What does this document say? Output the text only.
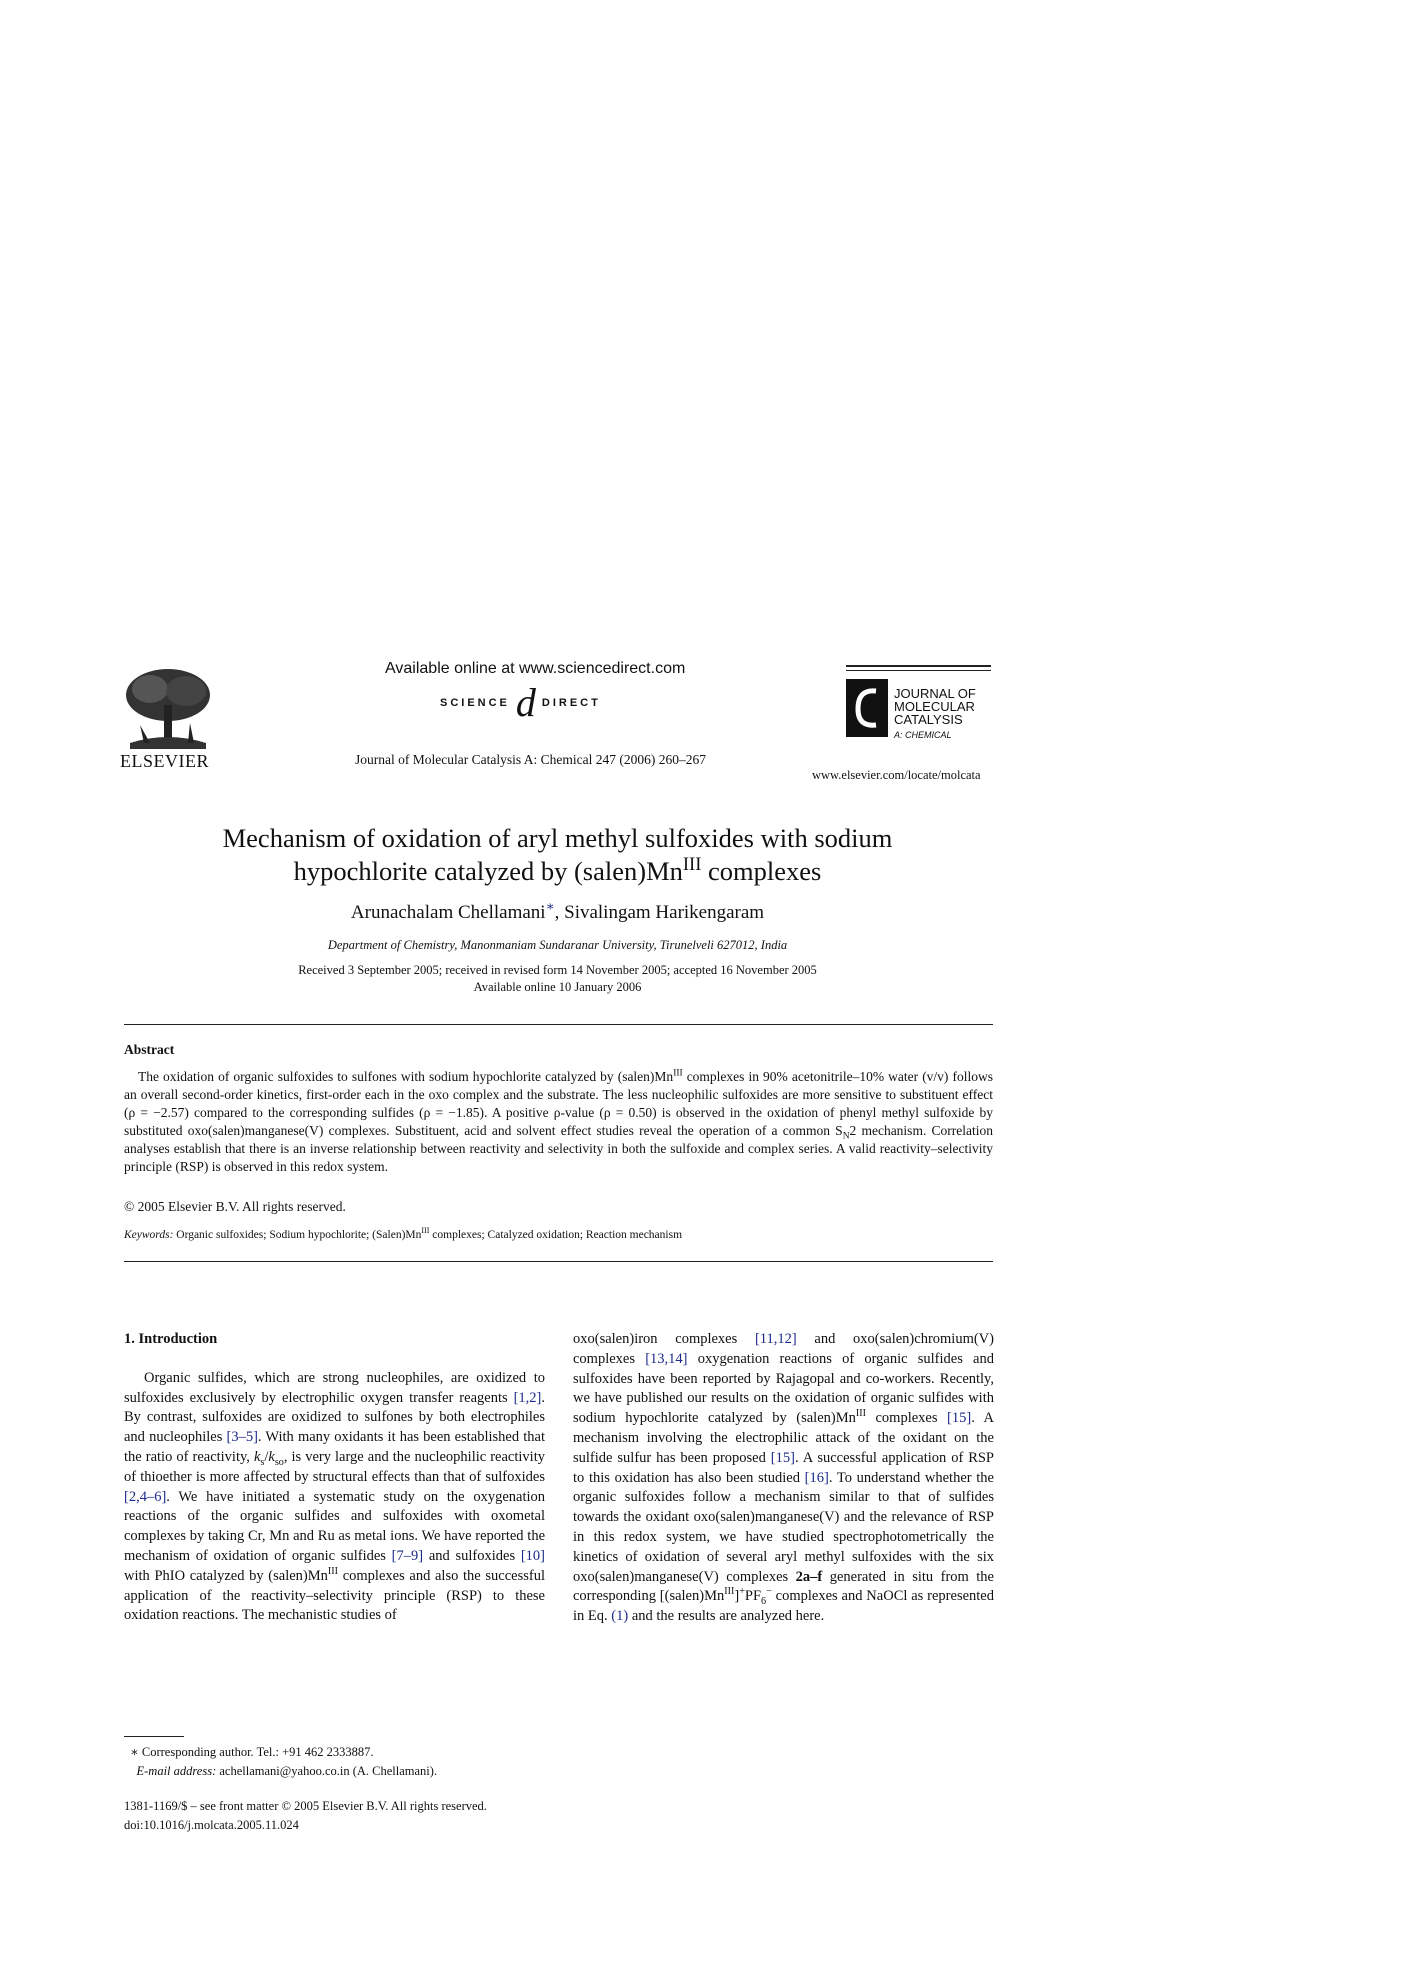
ELSEVIER
Available online at www.sciencedirect.com
SCIENCE d DIRECT
Journal of Molecular Catalysis A: Chemical 247 (2006) 260–267
JOURNAL OF
MOLECULAR
CATALYSIS
A: CHEMICAL
www.elsevier.com/locate/molcata
Mechanism of oxidation of aryl methyl sulfoxides with sodium
hypochlorite catalyzed by $(salen)Mn^{III}$ complexes
Arunachalam Chellamani∗, Sivalingam Harikengaram
Department of Chemistry, Manonmaniam Sundaranar University, Tirunelveli 627012, India
Received 3 September 2005; received in revised form 14 November 2005; accepted 16 November 2005
Available online 10 January 2006
Abstract
The oxidation of organic sulfoxides to sulfones with sodium hypochlorite catalyzed by $(salen)Mn^{III}$ complexes in 90% acetonitrile–10% water (v/v) follows an overall second-order kinetics, first-order each in the oxo complex and the substrate. The less nucleophilic sulfoxides are more sensitive to substituent effect (ρ = −2.57) compared to the corresponding sulfides (ρ = −1.85). A positive ρ-value (ρ = 0.50) is observed in the oxidation of phenyl methyl sulfoxide by substituted oxo(salen)manganese(V) complexes. Substituent, acid and solvent effect studies reveal the operation of a common $S_N2$ mechanism. Correlation analyses establish that there is an inverse relationship between reactivity and selectivity in both the sulfoxide and complex series. A valid reactivity–selectivity principle (RSP) is observed in this redox system.
© 2005 Elsevier B.V. All rights reserved.
Keywords: Organic sulfoxides; Sodium hypochlorite; $(Salen)Mn^{III}$ complexes; Catalyzed oxidation; Reaction mechanism
1. Introduction
Organic sulfides, which are strong nucleophiles, are oxidized to sulfoxides exclusively by electrophilic oxygen transfer reagents [1,2]. By contrast, sulfoxides are oxidized to sulfones by both electrophiles and nucleophiles [3–5]. With many oxidants it has been established that the ratio of reactivity, $k_s/k_{so}$, is very large and the nucleophilic reactivity of thioether is more affected by structural effects than that of sulfoxides [2,4–6]. We have initiated a systematic study on the oxygenation reactions of the organic sulfides and sulfoxides with oxometal complexes by taking Cr, Mn and Ru as metal ions. We have reported the mechanism of oxidation of organic sulfides [7–9] and sulfoxides [10] with PhIO catalyzed by $(salen)Mn^{III}$ complexes and also the successful application of the reactivity–selectivity principle (RSP) to these oxidation reactions. The mechanistic studies of
oxo(salen)iron complexes [11,12] and oxo(salen)chromium(V) complexes [13,14] oxygenation reactions of organic sulfides and sulfoxides have been reported by Rajagopal and co-workers. Recently, we have published our results on the oxidation of organic sulfides with sodium hypochlorite catalyzed by $(salen)Mn^{III}$ complexes [15]. A mechanism involving the electrophilic attack of the oxidant on the sulfide sulfur has been proposed [15]. A successful application of RSP to this oxidation has also been studied [16]. To understand whether the organic sulfoxides follow a mechanism similar to that of sulfides towards the oxidant oxo(salen)manganese(V) and the relevance of RSP in this redox system, we have studied spectrophotometrically the kinetics of oxidation of several aryl methyl sulfoxides with the six oxo(salen)manganese(V) complexes 2a–f generated in situ from the corresponding $[(salen)Mn^{III}]^+PF_6^-$ complexes and NaOCl as represented in Eq. (1) and the results are analyzed here.
∗ Corresponding author. Tel.: +91 462 2333887.
E-mail address: achellamani@yahoo.co.in (A. Chellamani).
1381-1169/$ – see front matter © 2005 Elsevier B.V. All rights reserved.
doi:10.1016/j.molcata.2005.11.024
